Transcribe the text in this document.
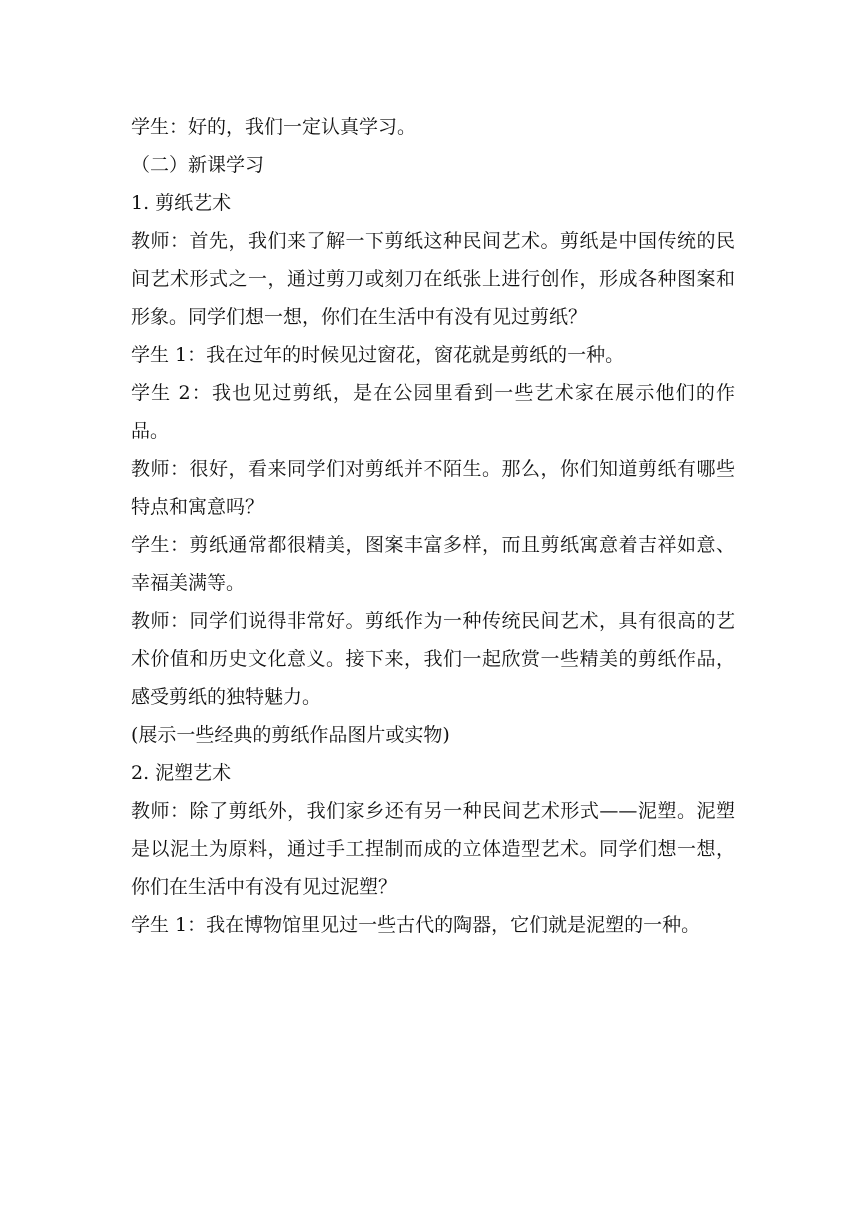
学生：好的，我们一定认真学习。

（二）新课学习

1. 剪纸艺术

教师：首先，我们来了解一下剪纸这种民间艺术。剪纸是中国传统的民间艺术形式之一，通过剪刀或刻刀在纸张上进行创作，形成各种图案和形象。同学们想一想，你们在生活中有没有见过剪纸？

学生 1：我在过年的时候见过窗花，窗花就是剪纸的一种。

学生 2：我也见过剪纸，是在公园里看到一些艺术家在展示他们的作品。

教师：很好，看来同学们对剪纸并不陌生。那么，你们知道剪纸有哪些特点和寓意吗？

学生：剪纸通常都很精美，图案丰富多样，而且剪纸寓意着吉祥如意、幸福美满等。

教师：同学们说得非常好。剪纸作为一种传统民间艺术，具有很高的艺术价值和历史文化意义。接下来，我们一起欣赏一些精美的剪纸作品，感受剪纸的独特魅力。

(展示一些经典的剪纸作品图片或实物)

2. 泥塑艺术

教师：除了剪纸外，我们家乡还有另一种民间艺术形式——泥塑。泥塑是以泥土为原料，通过手工捏制而成的立体造型艺术。同学们想一想，你们在生活中有没有见过泥塑？

学生 1：我在博物馆里见过一些古代的陶器，它们就是泥塑的一种。
